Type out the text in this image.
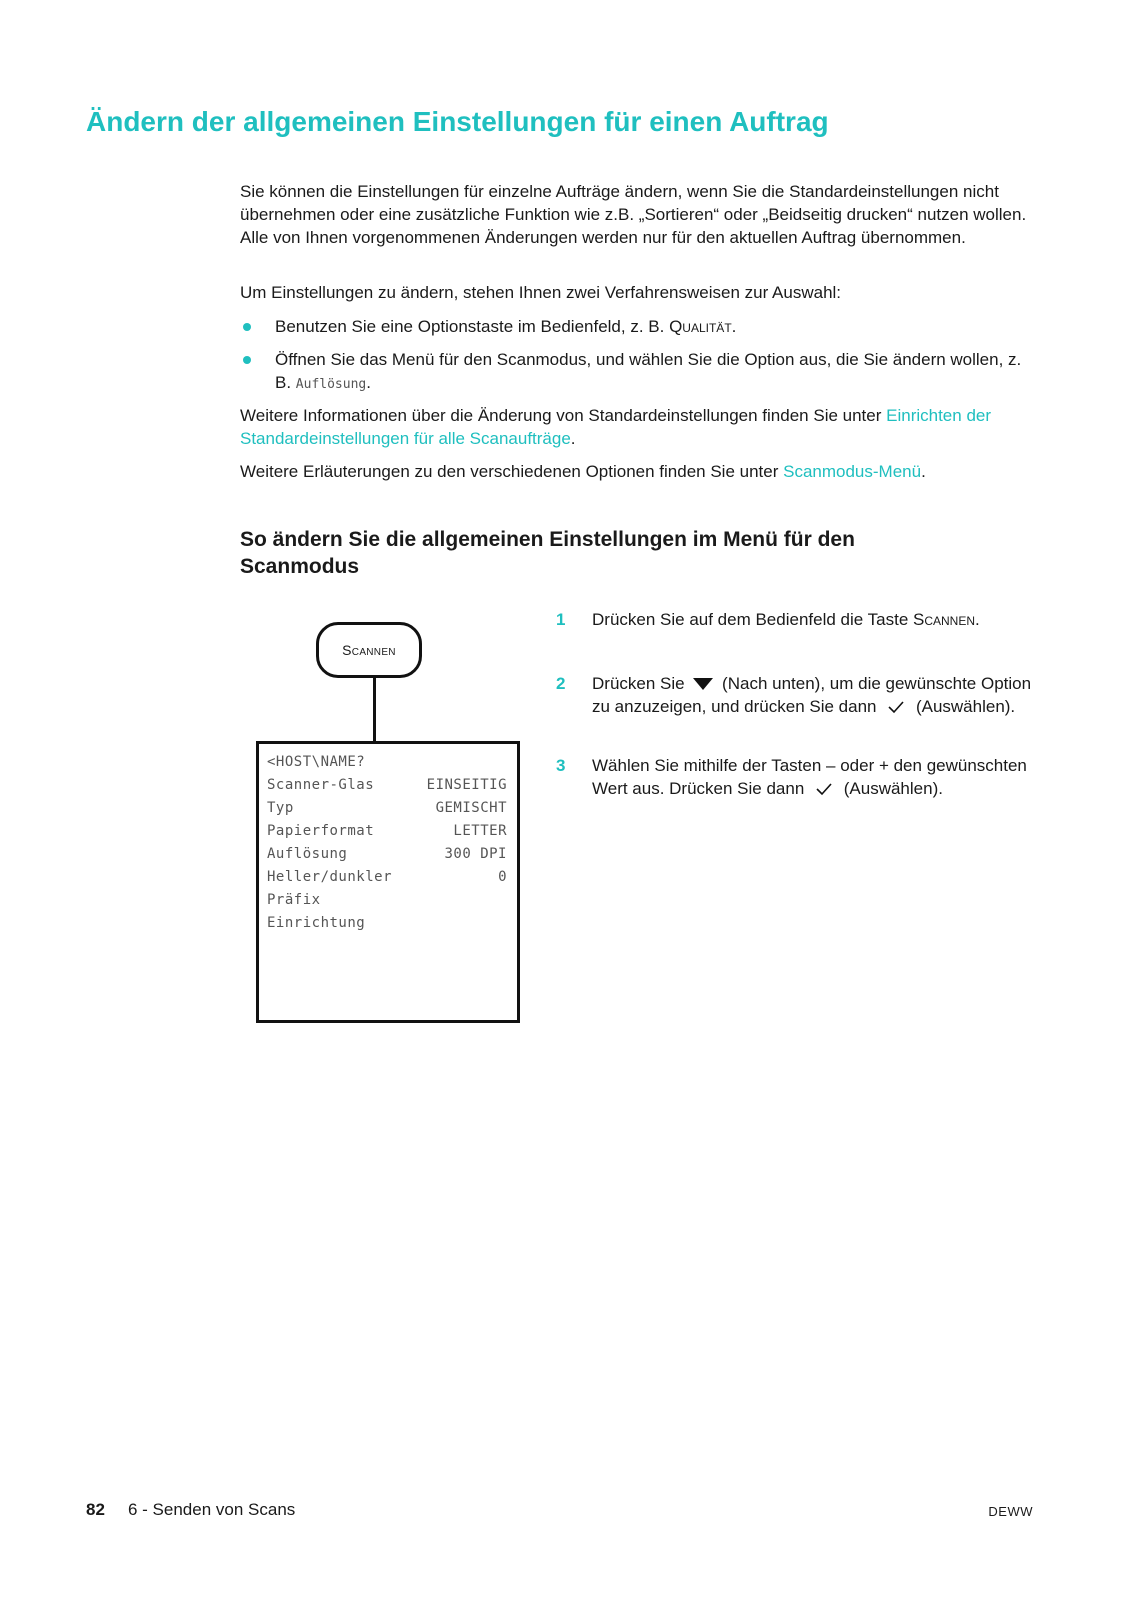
Ändern der allgemeinen Einstellungen für einen Auftrag

Sie können die Einstellungen für einzelne Aufträge ändern, wenn Sie die Standardeinstellungen nicht übernehmen oder eine zusätzliche Funktion wie z.B. „Sortieren“ oder „Beidseitig drucken“ nutzen wollen. Alle von Ihnen vorgenommenen Änderungen werden nur für den aktuellen Auftrag übernommen.

Um Einstellungen zu ändern, stehen Ihnen zwei Verfahrensweisen zur Auswahl:

Benutzen Sie eine Optionstaste im Bedienfeld, z. B. Qualität.
Öffnen Sie das Menü für den Scanmodus, und wählen Sie die Option aus, die Sie ändern wollen, z. B. Auflösung.

Weitere Informationen über die Änderung von Standardeinstellungen finden Sie unter Einrichten der Standardeinstellungen für alle Scanaufträge.

Weitere Erläuterungen zu den verschiedenen Optionen finden Sie unter Scanmodus-Menü.

So ändern Sie die allgemeinen Einstellungen im Menü für den Scanmodus
Scannen
<HOST\NAME?
Scanner-Glas	EINSEITIG
Typ	GEMISCHT
Papierformat	LETTER
Auflösung	300 DPI
Heller/dunkler	0
Präfix
Einrichtung
1 Drücken Sie auf dem Bedienfeld die Taste Scannen.
2 Drücken Sie  (Nach unten), um die gewünschte Option zu anzuzeigen, und drücken Sie dann  (Auswählen).
3 Wählen Sie mithilfe der Tasten – oder + den gewünschten Wert aus. Drücken Sie dann  (Auswählen).
82 6 - Senden von Scans	DEWW
